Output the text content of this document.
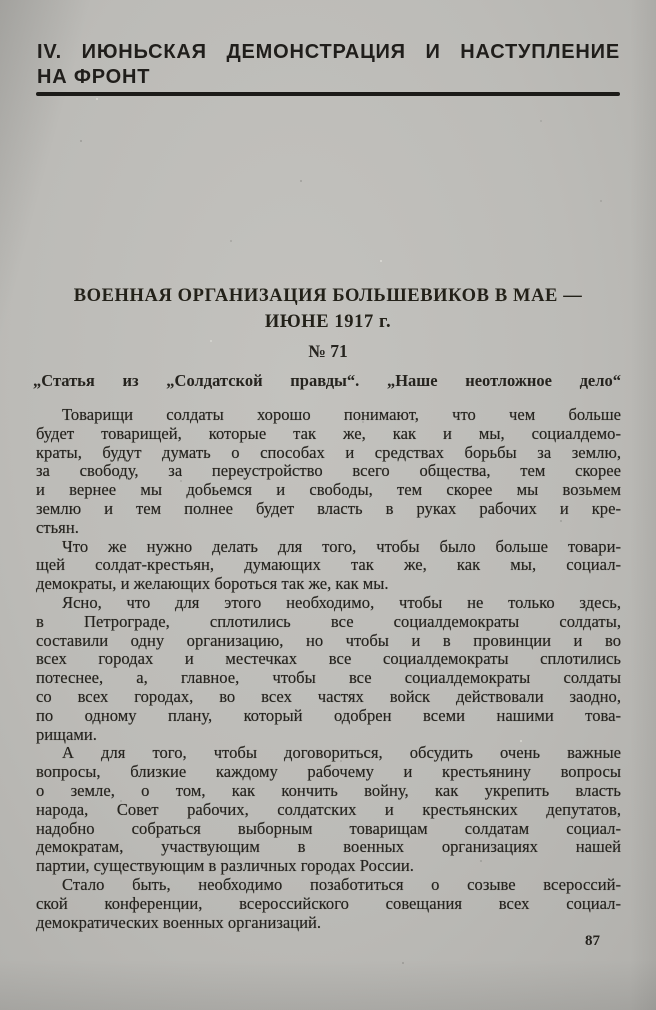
IV. ИЮНЬСКАЯ ДЕМОНСТРАЦИЯ И НАСТУПЛЕНИЕ
НА ФРОНТ
ВОЕННАЯ ОРГАНИЗАЦИЯ БОЛЬШЕВИКОВ В МАЕ —
ИЮНЕ 1917 г.
№ 71
„Статья из „Солдатской правды“. „Наше неотложное дело“
Товарищи солдаты хорошо понимают, что чем больше
будет товарищей, которые так же, как и мы, социалдемо-
краты, будут думать о способах и средствах борьбы за землю,
за свободу, за переустройство всего общества, тем скорее
и вернее мы добьемся и свободы, тем скорее мы возьмем
землю и тем полнее будет власть в руках рабочих и кре-
стьян.
Что же нужно делать для того, чтобы было больше товари-
щей солдат-крестьян, думающих так же, как мы, социал-
демократы, и желающих бороться так же, как мы.
Ясно, что для этого необходимо, чтобы не только здесь,
в Петрограде, сплотились все социалдемократы солдаты,
составили одну организацию, но чтобы и в провинции и во
всех городах и местечках все социалдемократы сплотились
потеснее, а, главное, чтобы все социалдемократы солдаты
со всех городах, во всех частях войск действовали заодно,
по одному плану, который одобрен всеми нашими това-
рищами.
А для того, чтобы договориться, обсудить очень важные
вопросы, близкие каждому рабочему и крестьянину вопросы
о земле, о том, как кончить войну, как укрепить власть
народа, Совет рабочих, солдатских и крестьянских депутатов,
надобно собраться выборным товарищам солдатам социал-
демократам, участвующим в военных организациях нашей
партии, существующим в различных городах России.
Стало быть, необходимо позаботиться о созыве всероссий-
ской конференции, всероссийского совещания всех социал-
демократических военных организаций.
87
